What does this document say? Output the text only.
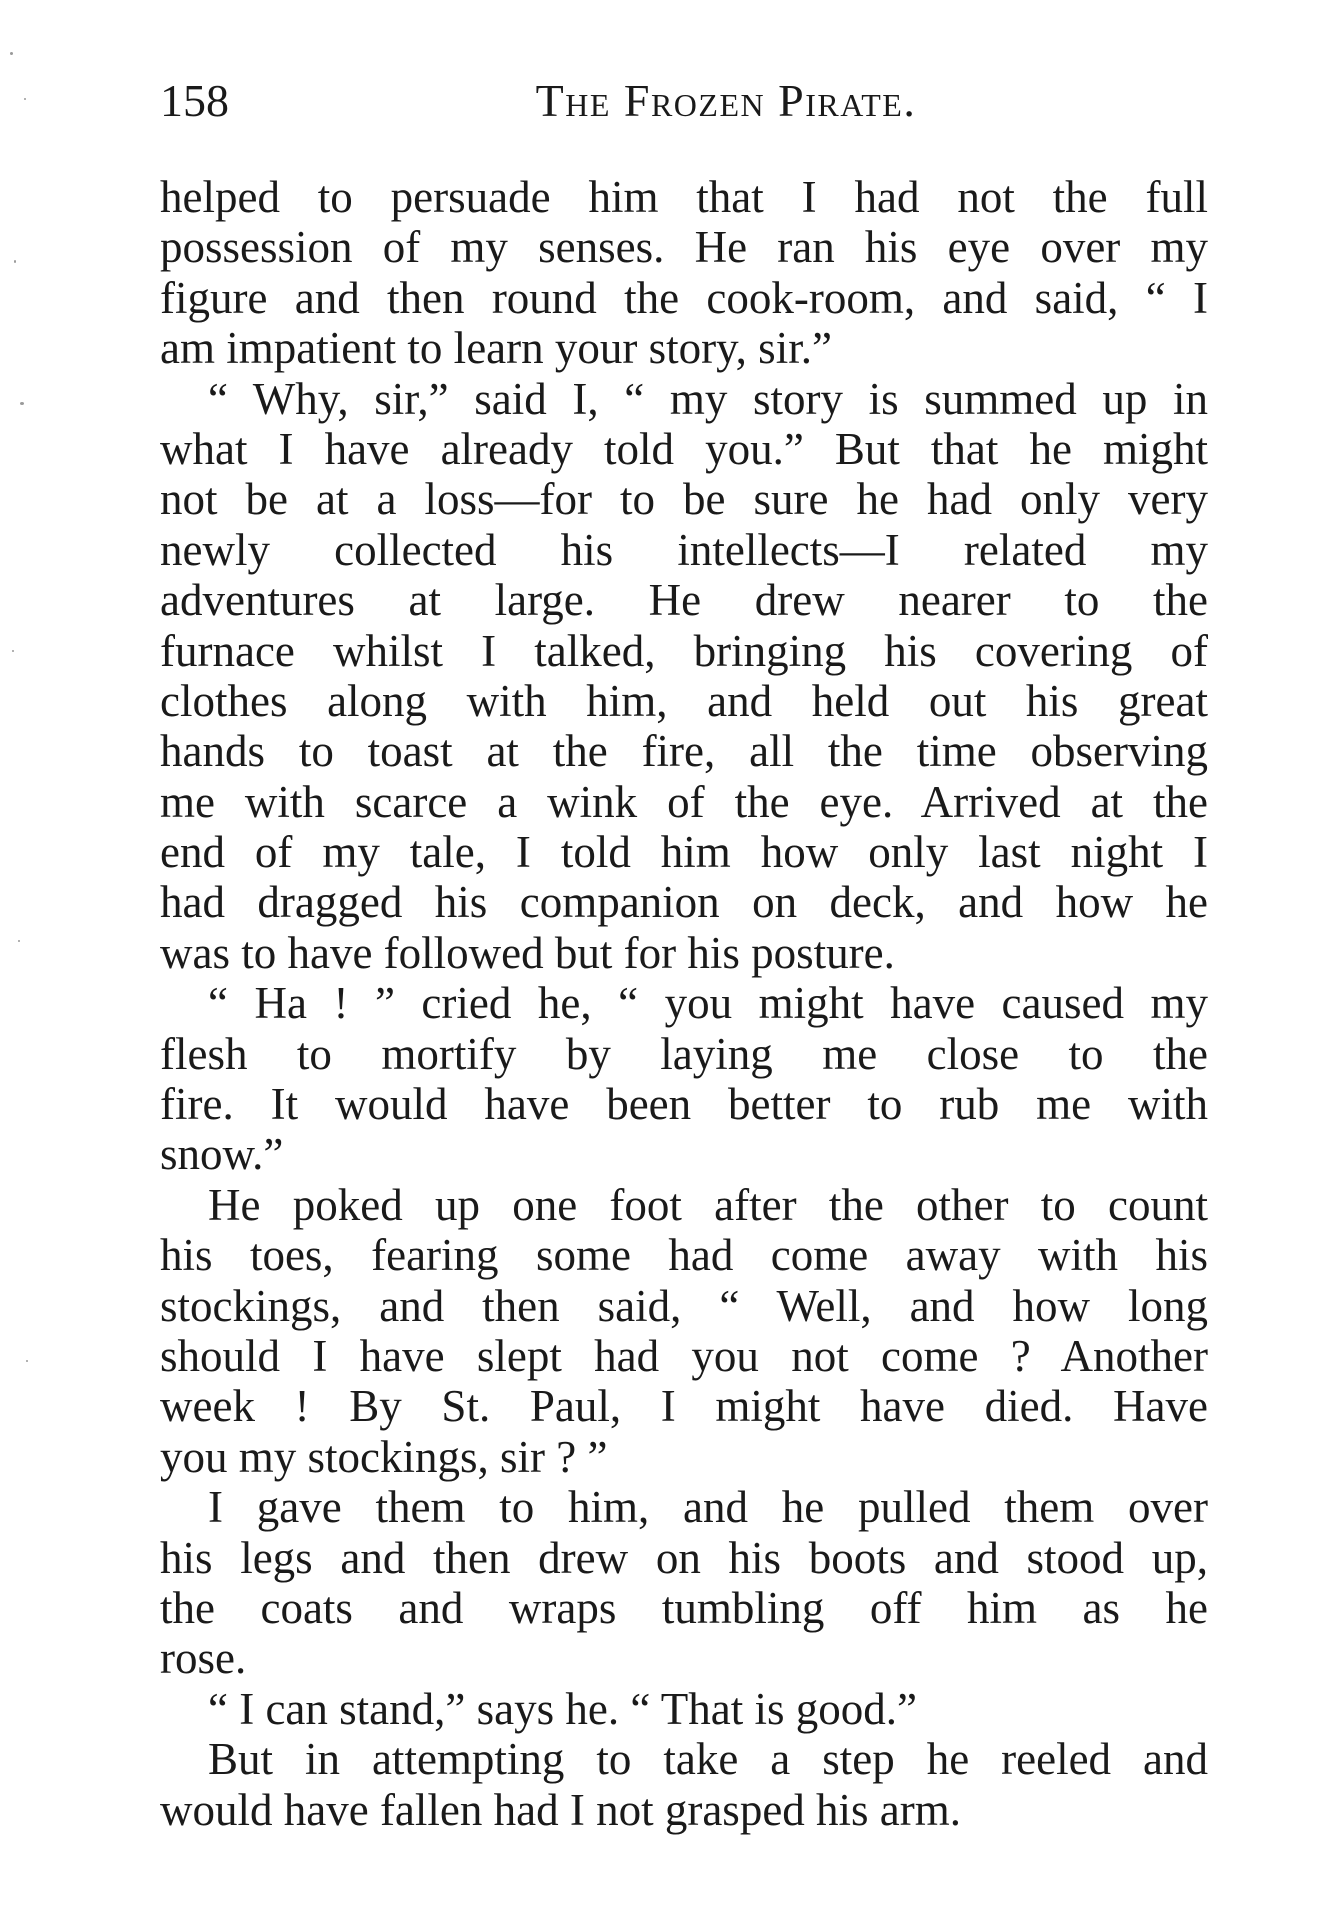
158	The Frozen Pirate.
helped to persuade him that I had not the full
possession of my senses. He ran his eye over my
figure and then round the cook-room, and said, “ I
am impatient to learn your story, sir.”
“ Why, sir,” said I, “ my story is summed up in
what I have already told you.” But that he might
not be at a loss—for to be sure he had only very
newly collected his intellects—I related my
adventures at large. He drew nearer to the
furnace whilst I talked, bringing his covering of
clothes along with him, and held out his great
hands to toast at the fire, all the time observing
me with scarce a wink of the eye. Arrived at the
end of my tale, I told him how only last night I
had dragged his companion on deck, and how he
was to have followed but for his posture.
“ Ha ! ” cried he, “ you might have caused my
flesh to mortify by laying me close to the
fire. It would have been better to rub me with
snow.”
He poked up one foot after the other to count
his toes, fearing some had come away with his
stockings, and then said, “ Well, and how long
should I have slept had you not come ? Another
week ! By St. Paul, I might have died. Have
you my stockings, sir ? ”
I gave them to him, and he pulled them over
his legs and then drew on his boots and stood up,
the coats and wraps tumbling off him as he
rose.
“ I can stand,” says he. “ That is good.”
But in attempting to take a step he reeled and
would have fallen had I not grasped his arm.
